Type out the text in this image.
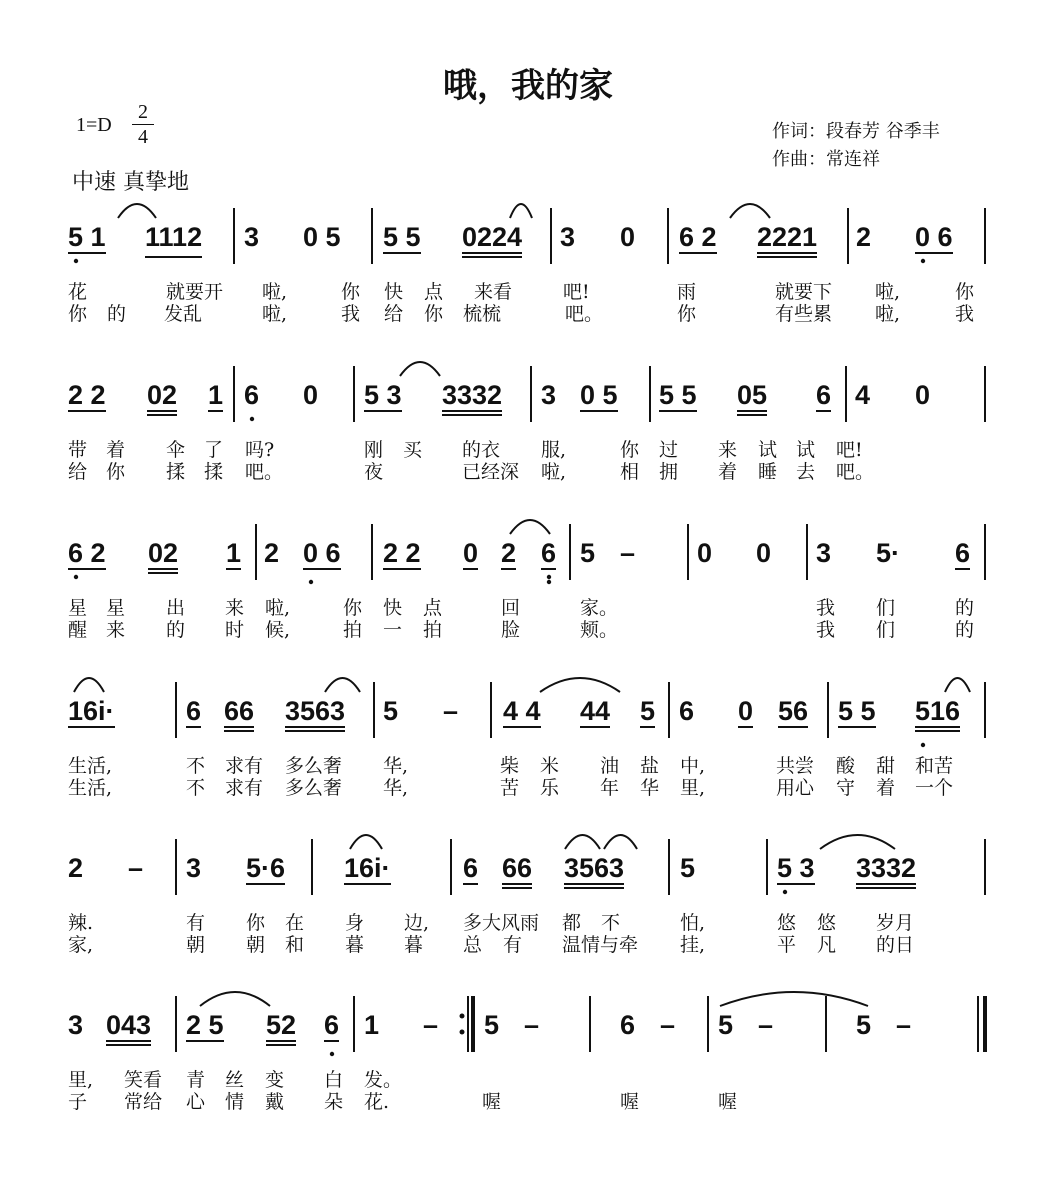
哦，我的家
$1=D \frac{2}{4}$
中速 真挚地
作词：段春芳 谷季丰
作曲：常连祥
5 1 1112 3 0 5 5 5 0224 3 0 6 2 2221 2 0 6
花	就要开 啦,	你 快 点 来看	吧!	雨	就要下 啦,	你
你 的 发乱	啦,	我 给 你 梳梳	吧。	你	有些累 啦,	我
2 2 02 1 6 0 5 3 3332 3 0 5 5 5 05 6 4 0
带 着 伞 了 吗?	刚 买 的衣 服,	你 过 来 试 试 吧!
给 你 揉 揉 吧。	夜	已经深 啦,	相 拥 着 睡 去 吧。
6 2 02 1 2 0 6 2 2 0 2 6 5 – 0 0 3 5· 6
星 星 出 来 啦,	你 快 点	回	家。	我 们	的
醒 来 的 时 候,	拍 一 拍	脸	颊。	我 们	的
16i·	6 66 3563 5 – 4 4 44 5 6 0 56 5 5 516
生活,	不 求有 多么奢 华,	柴 米 油 盐 中,	共尝 酸 甜 和苦
生活,	不 求有 多么奢 华,	苦 乐 年 华 里,	用心 守 着 一个
2 – 3 5·6 16i·	6 66 3563 5	5 3 3332
辣.	有 你 在 身 边, 多大风雨 都 不	怕,	悠 悠 岁月
家,	朝 朝 和 暮 暮 总 有 温情与牵 挂,	平 凡 的日
3 043 2 5 52 6 1 – 5 –	6 – 5 –	5 –
里, 笑看 青 丝 变 白 发。
子 常给 心 情 戴 朵 花.	喔	喔	喔
